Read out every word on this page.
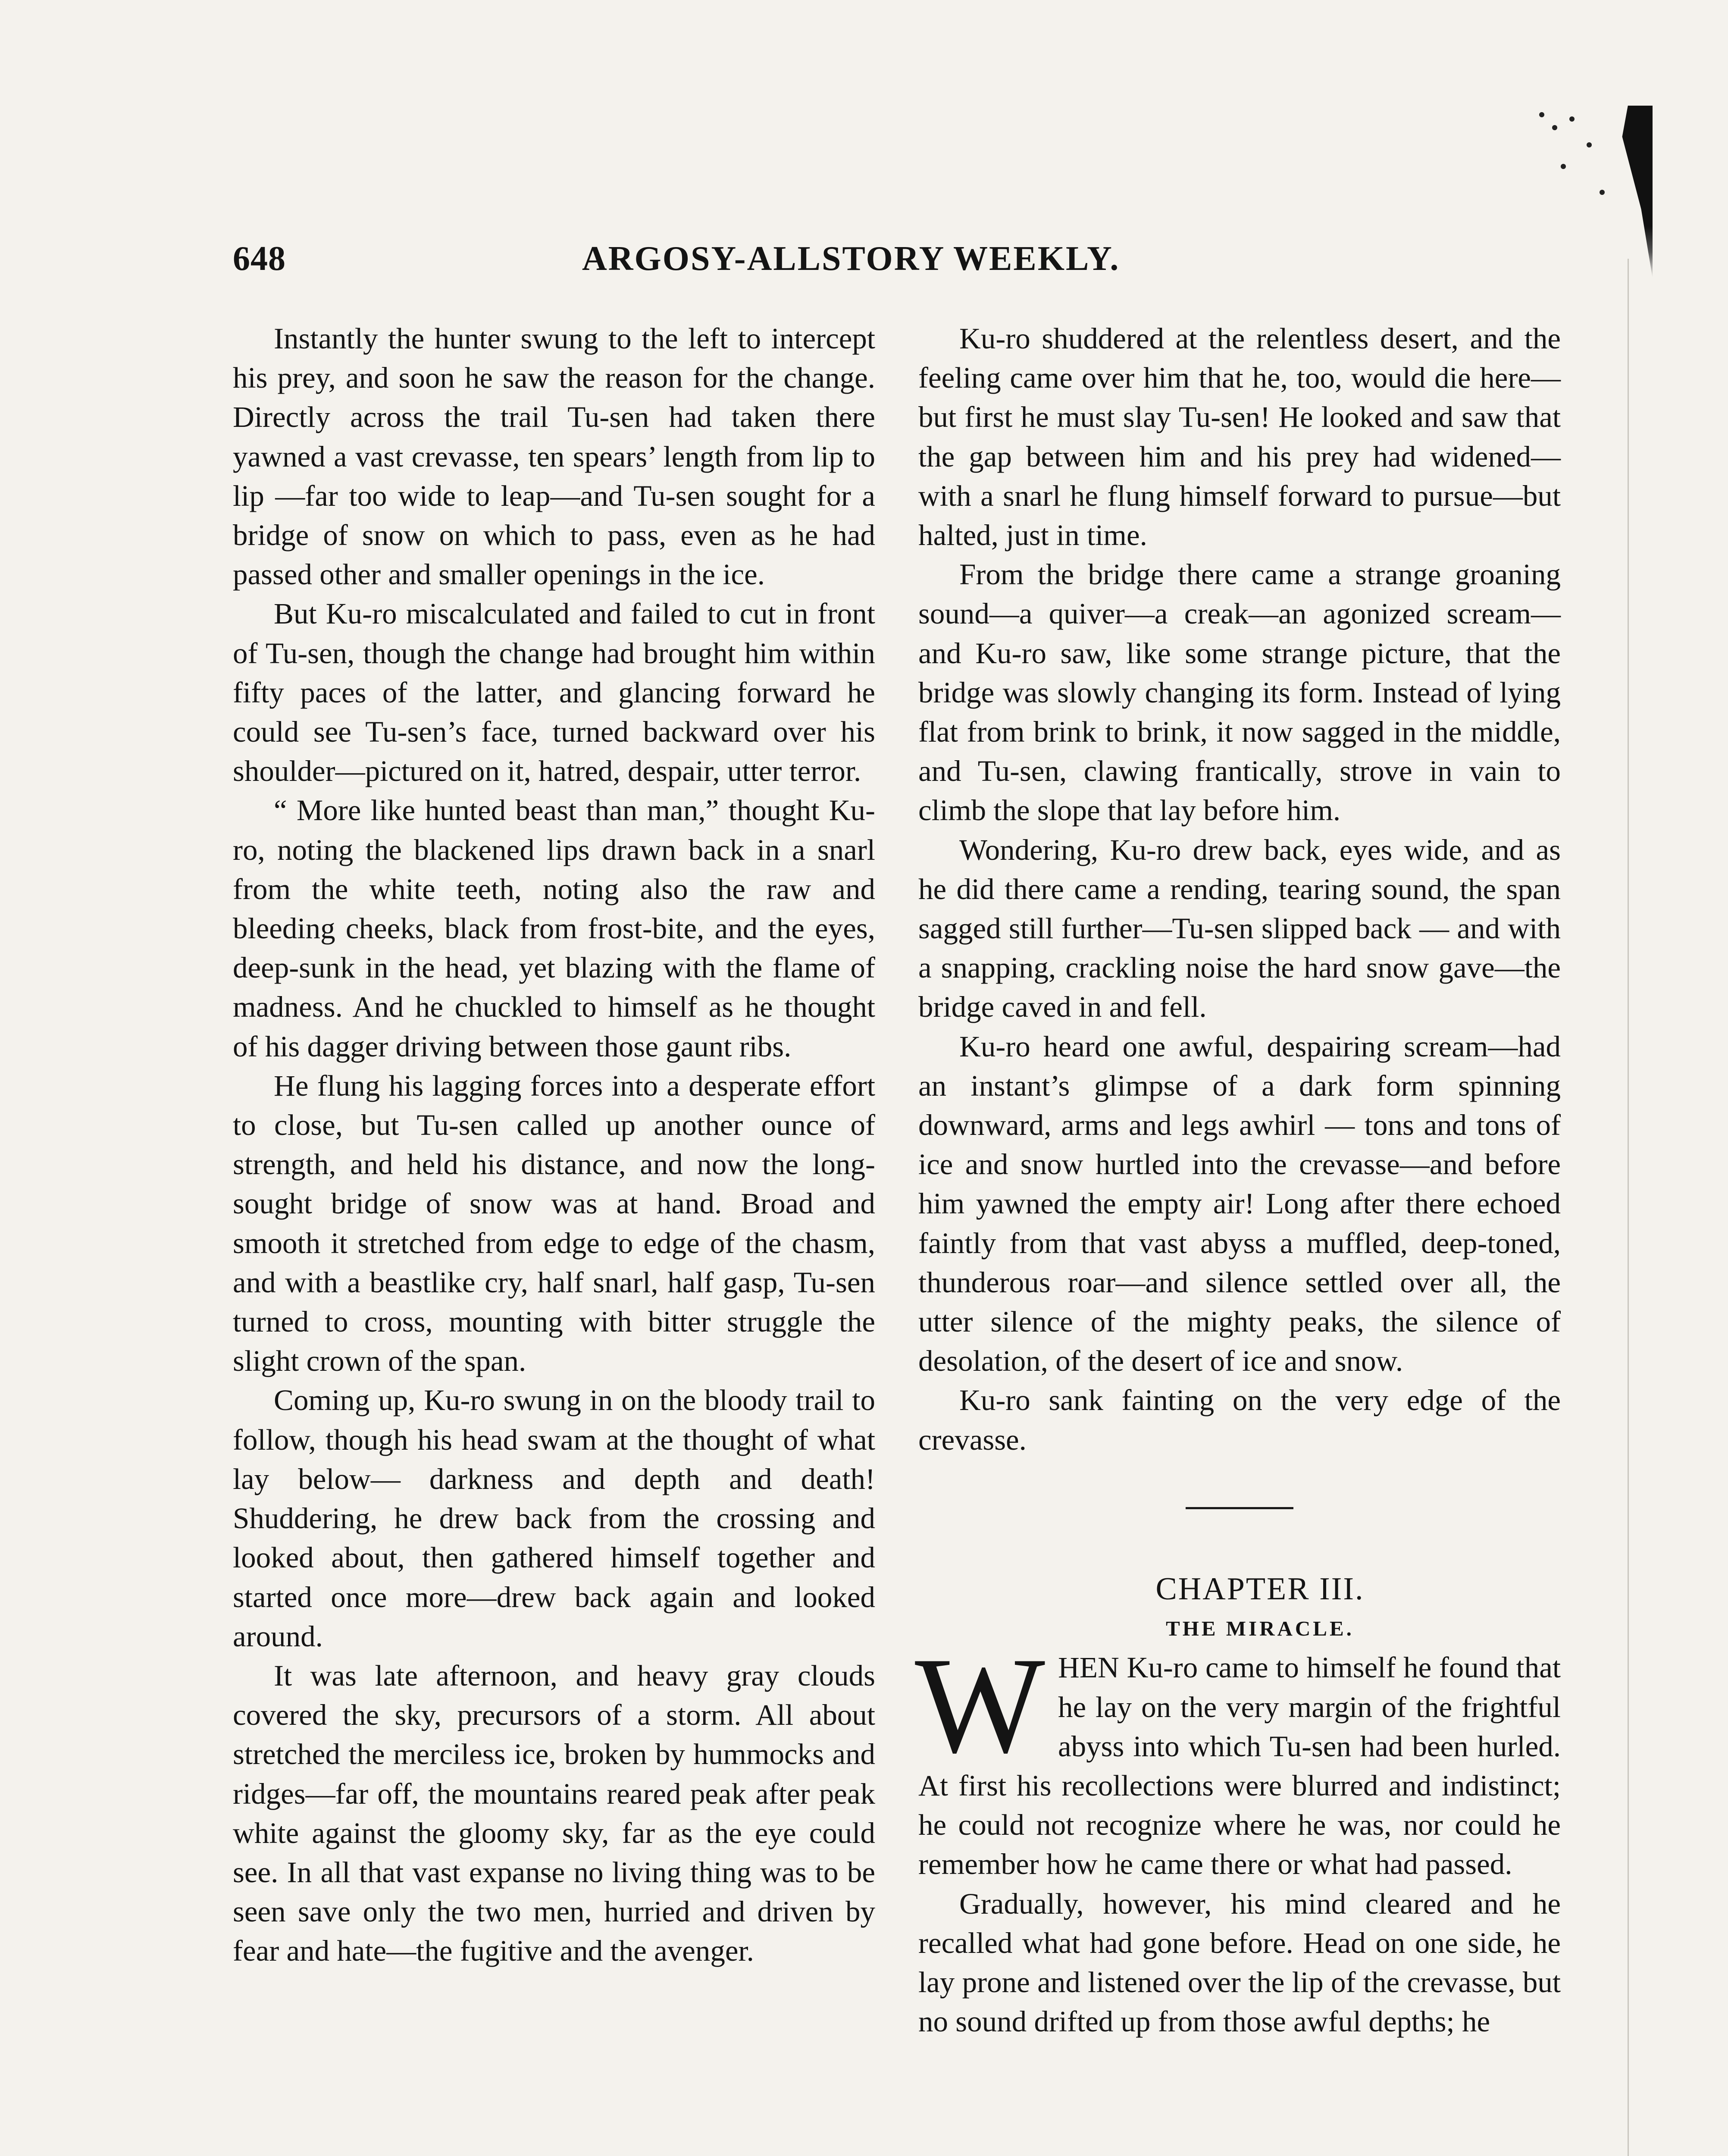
648	ARGOSY-ALLSTORY WEEKLY.

Instantly the hunter swung to the left to intercept his prey, and soon he saw the reason for the change. Directly across the trail Tu-sen had taken there yawned a vast crevasse, ten spears’ length from lip to lip —far too wide to leap—and Tu-sen sought for a bridge of snow on which to pass, even as he had passed other and smaller openings in the ice.

But Ku-ro miscalculated and failed to cut in front of Tu-sen, though the change had brought him within fifty paces of the latter, and glancing forward he could see Tu-sen’s face, turned backward over his shoulder—pictured on it, hatred, despair, utter terror.

“ More like hunted beast than man,” thought Ku-ro, noting the blackened lips drawn back in a snarl from the white teeth, noting also the raw and bleeding cheeks, black from frost-bite, and the eyes, deep-sunk in the head, yet blazing with the flame of madness. And he chuckled to himself as he thought of his dagger driving between those gaunt ribs.

He flung his lagging forces into a desperate effort to close, but Tu-sen called up another ounce of strength, and held his distance, and now the long-sought bridge of snow was at hand. Broad and smooth it stretched from edge to edge of the chasm, and with a beastlike cry, half snarl, half gasp, Tu-sen turned to cross, mounting with bitter struggle the slight crown of the span.

Coming up, Ku-ro swung in on the bloody trail to follow, though his head swam at the thought of what lay below— darkness and depth and death! Shuddering, he drew back from the crossing and looked about, then gathered himself together and started once more—drew back again and looked around.

It was late afternoon, and heavy gray clouds covered the sky, precursors of a storm. All about stretched the merciless ice, broken by hummocks and ridges—far off, the mountains reared peak after peak white against the gloomy sky, far as the eye could see. In all that vast expanse no living thing was to be seen save only the two men, hurried and driven by fear and hate—the fugitive and the avenger.

Ku-ro shuddered at the relentless desert, and the feeling came over him that he, too, would die here—but first he must slay Tu-sen! He looked and saw that the gap between him and his prey had widened— with a snarl he flung himself forward to pursue—but halted, just in time.

From the bridge there came a strange groaning sound—a quiver—a creak—an agonized scream—and Ku-ro saw, like some strange picture, that the bridge was slowly changing its form. Instead of lying flat from brink to brink, it now sagged in the middle, and Tu-sen, clawing frantically, strove in vain to climb the slope that lay before him.

Wondering, Ku-ro drew back, eyes wide, and as he did there came a rending, tearing sound, the span sagged still further—Tu-sen slipped back — and with a snapping, crackling noise the hard snow gave—the bridge caved in and fell.

Ku-ro heard one awful, despairing scream—had an instant’s glimpse of a dark form spinning downward, arms and legs awhirl — tons and tons of ice and snow hurtled into the crevasse—and before him yawned the empty air! Long after there echoed faintly from that vast abyss a muffled, deep-toned, thunderous roar—and silence settled over all, the utter silence of the mighty peaks, the silence of desolation, of the desert of ice and snow.

Ku-ro sank fainting on the very edge of the crevasse.

CHAPTER III.

THE MIRACLE.

WHEN Ku-ro came to himself he found that he lay on the very margin of the frightful abyss into which Tu-sen had been hurled. At first his recollections were blurred and indistinct; he could not recognize where he was, nor could he remember how he came there or what had passed.

Gradually, however, his mind cleared and he recalled what had gone before. Head on one side, he lay prone and listened over the lip of the crevasse, but no sound drifted up from those awful depths; he
